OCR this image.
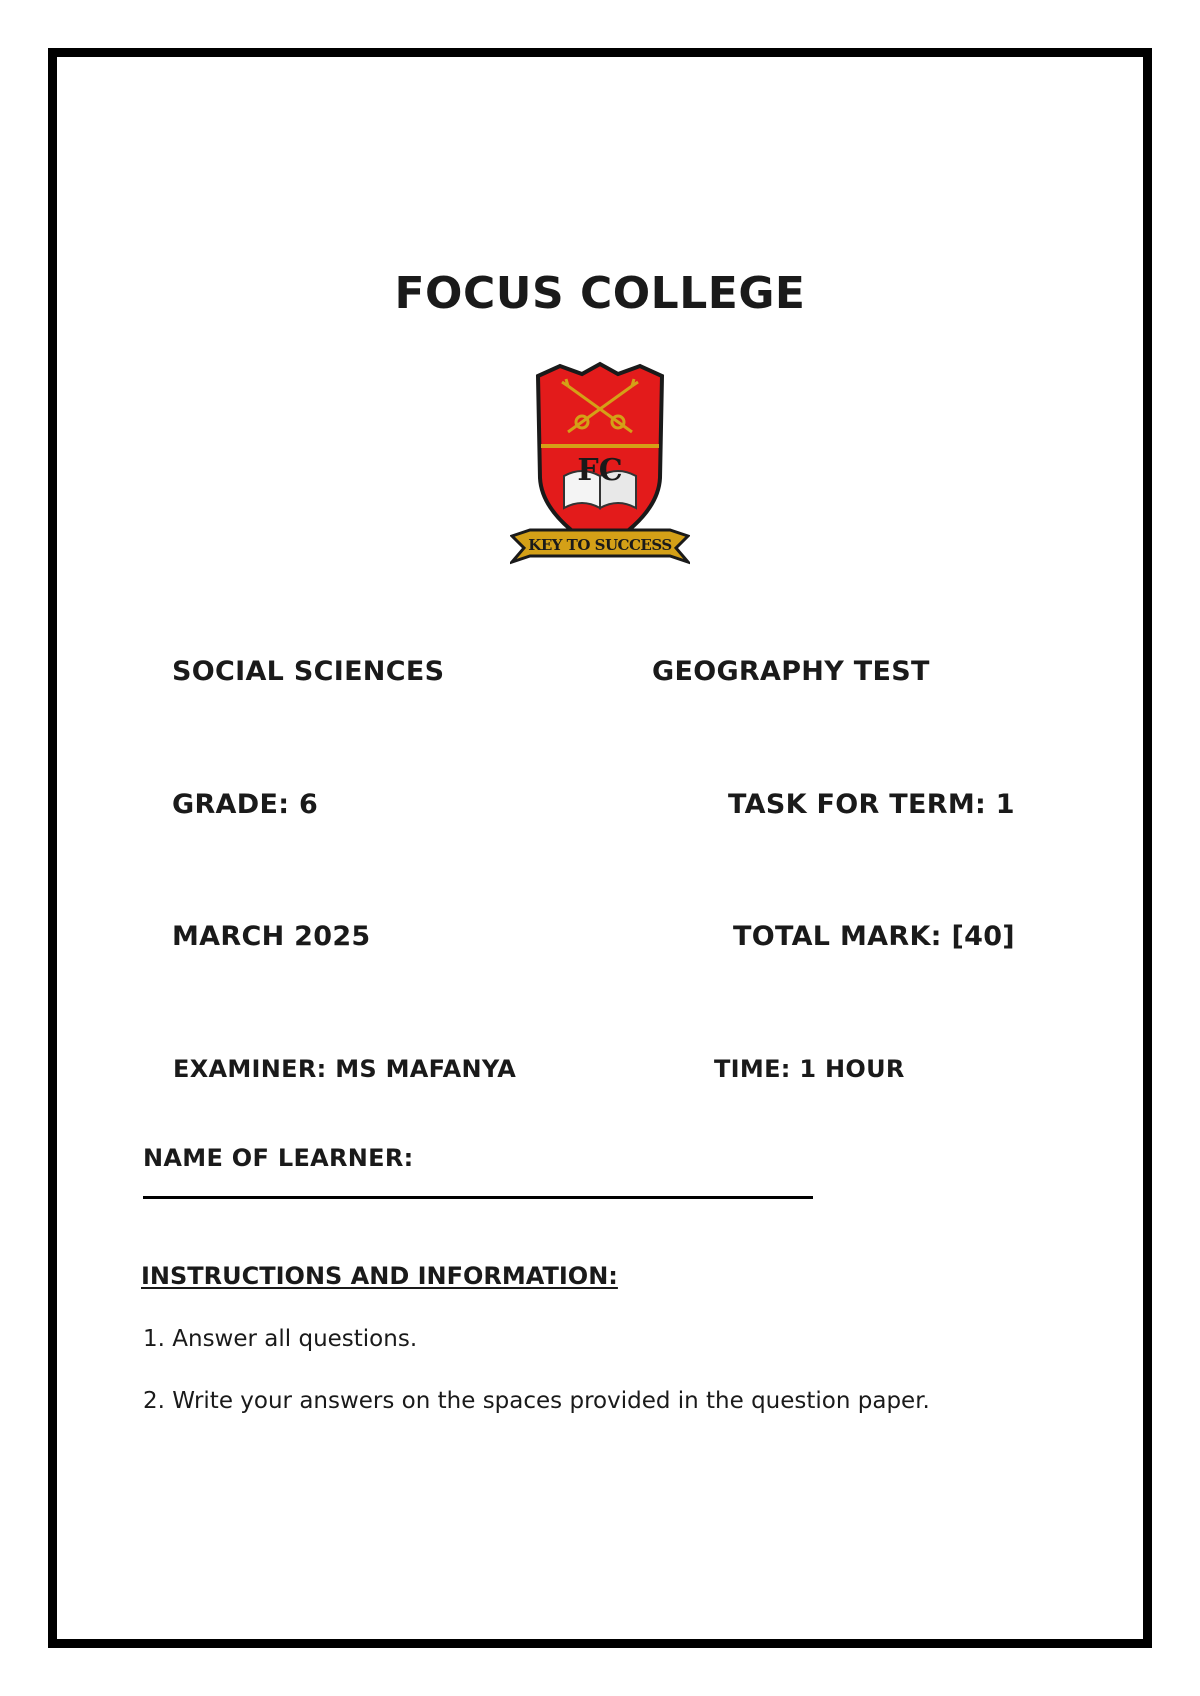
FOCUS COLLEGE
FC
KEY TO SUCCESS
SOCIAL SCIENCES	GEOGRAPHY TEST
GRADE: 6	TASK FOR TERM: 1
MARCH 2025	TOTAL MARK: [40]
EXAMINER: MS MAFANYA	TIME: 1 HOUR
NAME OF LEARNER:
INSTRUCTIONS AND INFORMATION:
1. Answer all questions.
2. Write your answers on the spaces provided in the question paper.
